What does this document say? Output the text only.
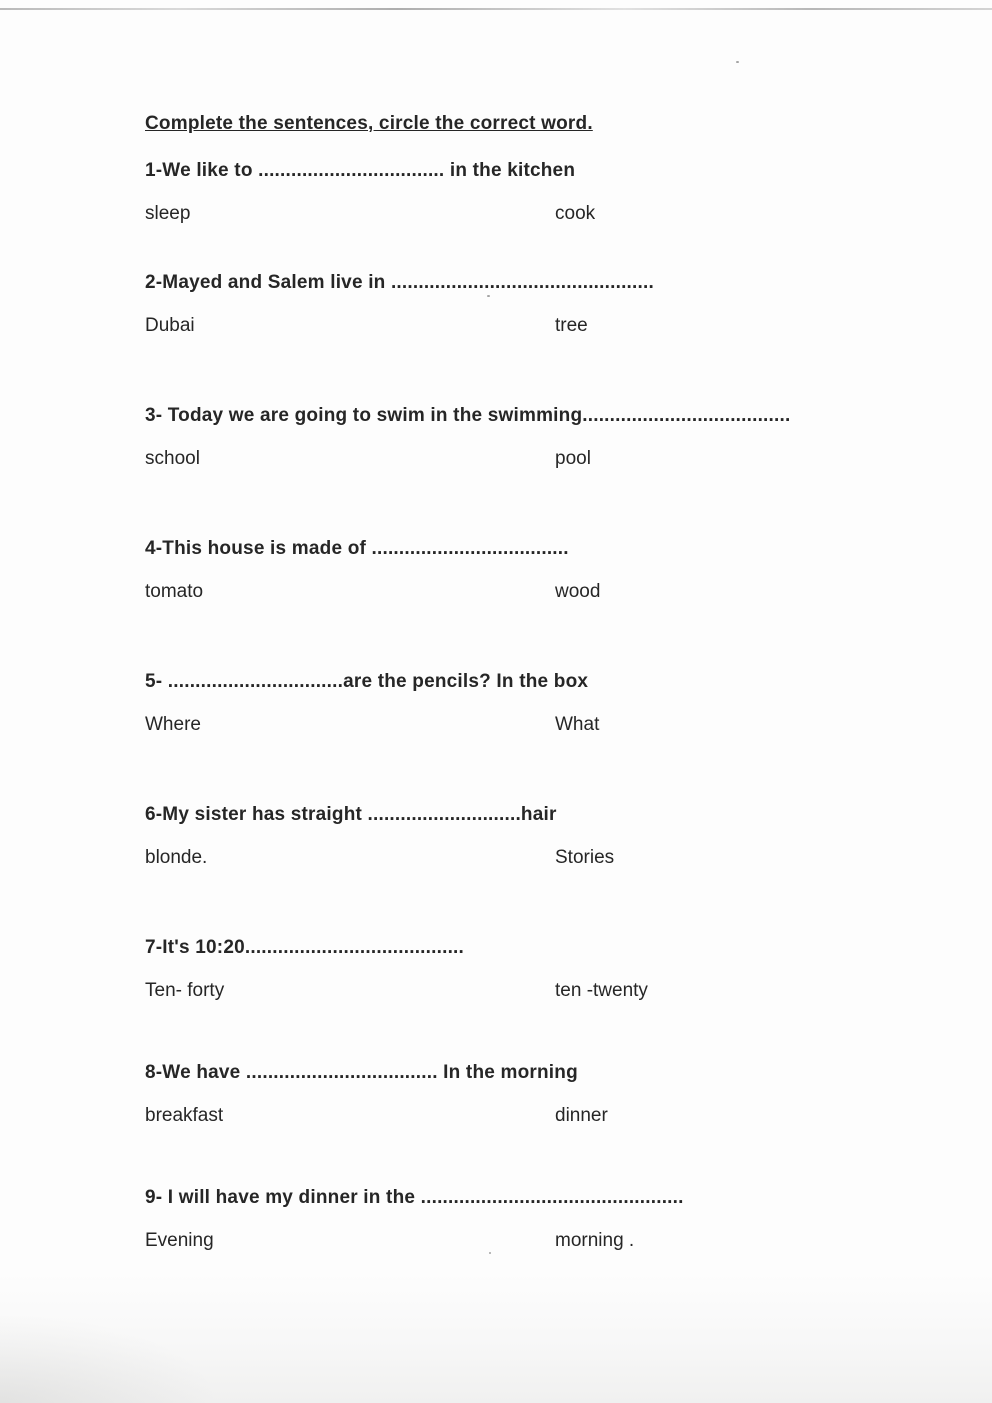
Complete the sentences, circle the correct word.
1-We like to .................................. in the kitchen
sleep	cook
2-Mayed and Salem live in ................................................
Dubai	tree
3- Today we are going to swim in the swimming......................................
school	pool
4-This house is made of ....................................
tomato	wood
5- ................................are the pencils? In the box
Where	What
6-My sister has straight ............................hair
blonde.	Stories
7-It's 10:20........................................
Ten- forty	ten -twenty
8-We have ................................... In the morning
breakfast	dinner
9- I will have my dinner in the ................................................
Evening	morning .
